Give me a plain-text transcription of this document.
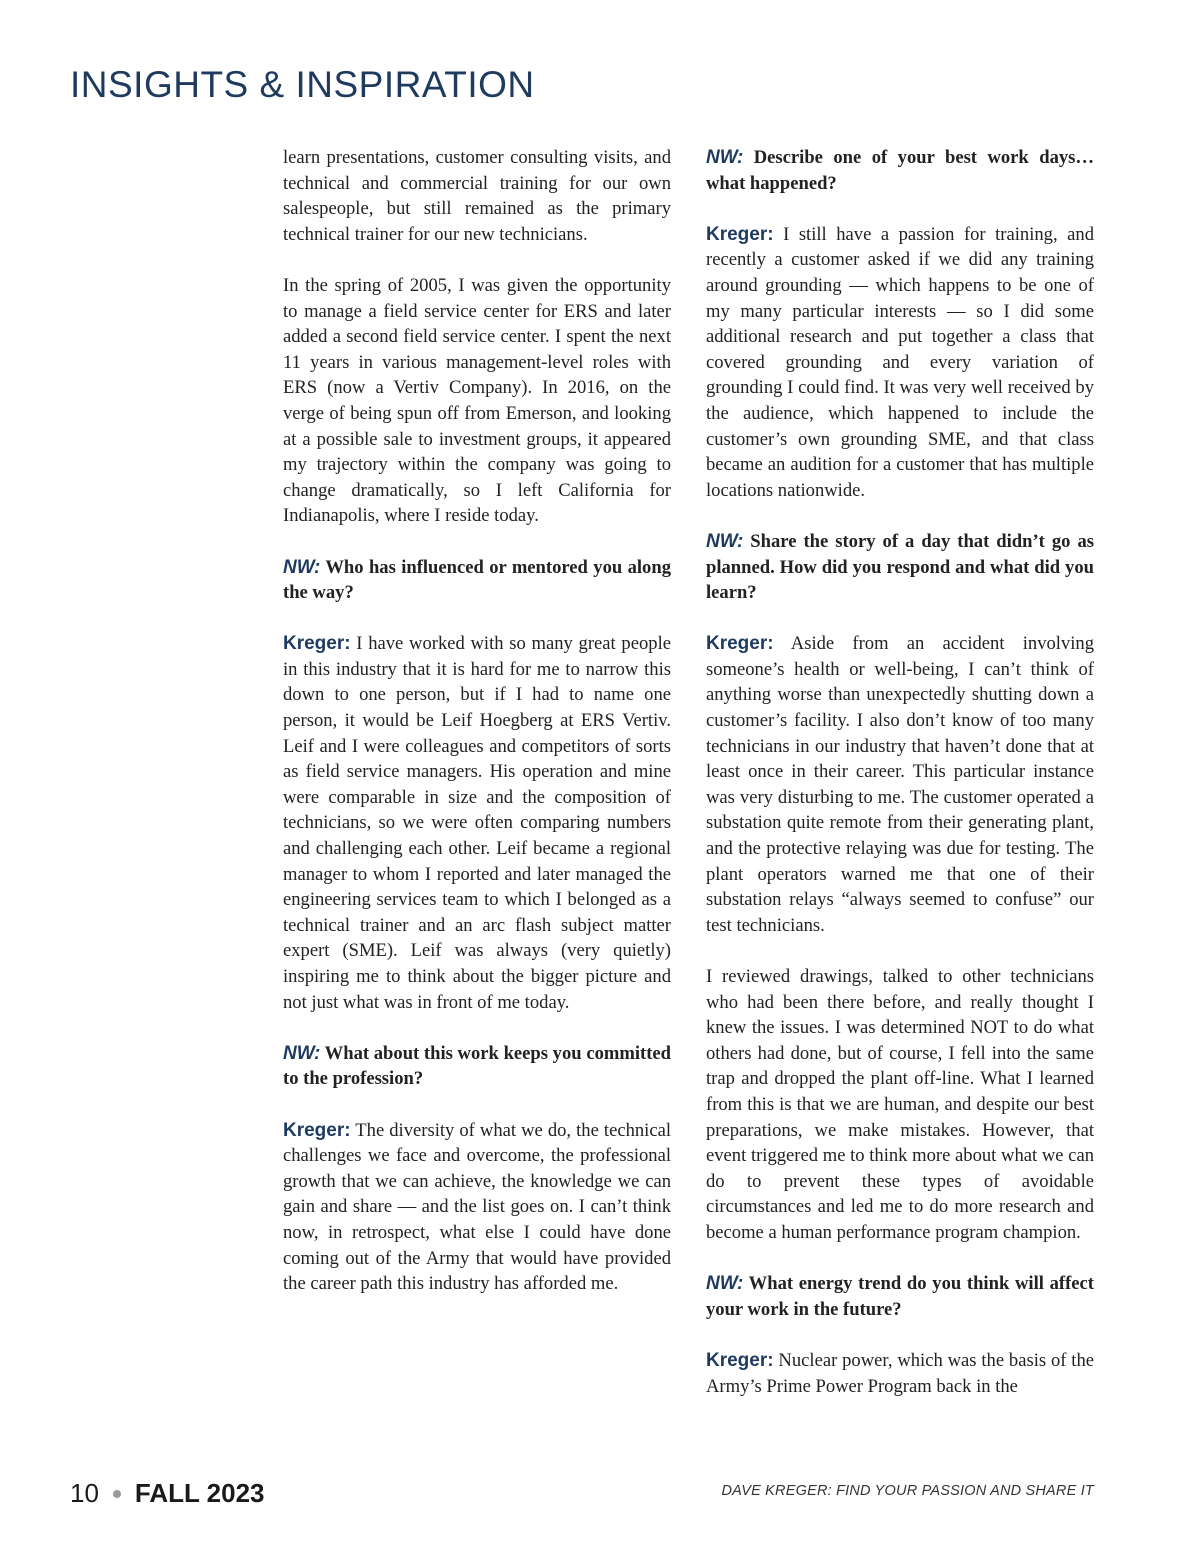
INSIGHTS & INSPIRATION

learn presentations, customer consulting visits, and technical and commercial training for our own salespeople, but still remained as the primary technical trainer for our new technicians.

In the spring of 2005, I was given the opportunity to manage a field service center for ERS and later added a second field service center. I spent the next 11 years in various management-level roles with ERS (now a Vertiv Company). In 2016, on the verge of being spun off from Emerson, and looking at a possible sale to investment groups, it appeared my trajectory within the company was going to change dramatically, so I left California for Indianapolis, where I reside today.

NW: Who has influenced or mentored you along the way?

Kreger: I have worked with so many great people in this industry that it is hard for me to narrow this down to one person, but if I had to name one person, it would be Leif Hoegberg at ERS Vertiv. Leif and I were colleagues and competitors of sorts as field service managers. His operation and mine were comparable in size and the composition of technicians, so we were often comparing numbers and challenging each other. Leif became a regional manager to whom I reported and later managed the engineering services team to which I belonged as a technical trainer and an arc flash subject matter expert (SME). Leif was always (very quietly) inspiring me to think about the bigger picture and not just what was in front of me today.

NW: What about this work keeps you committed to the profession?

Kreger: The diversity of what we do, the technical challenges we face and overcome, the professional growth that we can achieve, the knowledge we can gain and share — and the list goes on. I can’t think now, in retrospect, what else I could have done coming out of the Army that would have provided the career path this industry has afforded me.

NW: Describe one of your best work days… what happened?

Kreger: I still have a passion for training, and recently a customer asked if we did any training around grounding — which happens to be one of my many particular interests — so I did some additional research and put together a class that covered grounding and every variation of grounding I could find. It was very well received by the audience, which happened to include the customer’s own grounding SME, and that class became an audition for a customer that has multiple locations nationwide.

NW: Share the story of a day that didn’t go as planned. How did you respond and what did you learn?

Kreger: Aside from an accident involving someone’s health or well-being, I can’t think of anything worse than unexpectedly shutting down a customer’s facility. I also don’t know of too many technicians in our industry that haven’t done that at least once in their career. This particular instance was very disturbing to me. The customer operated a substation quite remote from their generating plant, and the protective relaying was due for testing. The plant operators warned me that one of their substation relays “always seemed to confuse” our test technicians.

I reviewed drawings, talked to other technicians who had been there before, and really thought I knew the issues. I was determined NOT to do what others had done, but of course, I fell into the same trap and dropped the plant off-line. What I learned from this is that we are human, and despite our best preparations, we make mistakes. However, that event triggered me to think more about what we can do to prevent these types of avoidable circumstances and led me to do more research and become a human performance program champion.

NW: What energy trend do you think will affect your work in the future?

Kreger: Nuclear power, which was the basis of the Army’s Prime Power Program back in the

10 FALL 2023	DAVE KREGER: FIND YOUR PASSION AND SHARE IT
